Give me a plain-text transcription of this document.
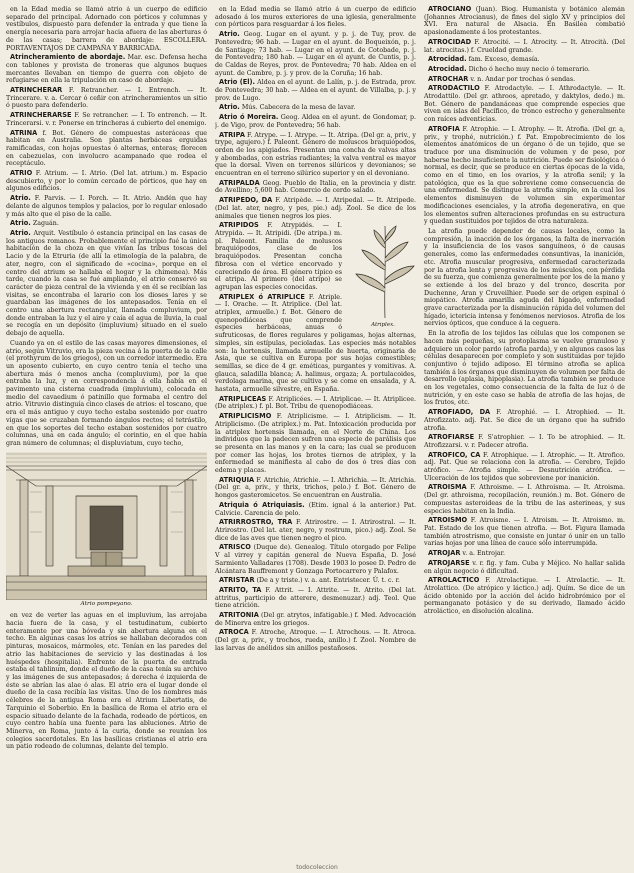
en la Edad media se llamó atrio á un cuerpo de edificio separado del principal. Adornado con pórticos y columnas y vestíbulos, dispuesto para defender la entrada y que tiene la energía necesaria para arrojar hacia afuera de las aberturas ó de las casas; barrera de abordaje: ESCOLLERA. PORTAVENTAJOS DE CAMPAÑA Y BARRICADA.

Atrincheramiento de abordaje. Mar. esc. Defensa hecha con tablones y provista de troneras que algunos buques mercantes llevaban en tiempo de guerra con objeto de refugiarse en ella la tripulación en caso de abordaje.

ATRINCHERAR F. Retrancher. — I. Entrench. — It. Trincerare. v. a. Cercar ó ceñir con atrincheramientos un sitio ó puesto para defenderlo.

ATRINCHERARSE F. Se retrancher. — I. To entrench. — It. Trincerarsi. v. r. Ponerse en trincheras á cubierto del enemigo.

ATRINA f. Bot. Género de compuestas asteráceas que habitan en Australia. Son plantas herbáceas erguidas ramificadas, con hojas opuestas ó alternas, enteras; florecen en cabezuelas, con involucro acampanado que rodea el receptáculo.

ATRIO F. Atrium. — I. Atrio. (Del lat. atrium.) m. Espacio descubierto, y por lo común cercado de pórticos, que hay en algunos edificios.

Atrio. F. Parvis. — I. Porch. — It. Atrio. Andén que hay delante de algunos templos y palacios, por lo regular enlosado y más alto que el piso de la calle.

Atrio. Zaguán.

Atrio. Arquit. Vestíbulo ó estancia principal en las casas de los antiguos romanos. Probablemente el principio fué la única habitación de la choza en que vivían las tribus toscas del Lacio y de la Etruria (de allí la etimología de la palabra, de ater, negro, con el significado de «cocina», porque en el centro del atrium se hallaba el hogar y la chimenea). Más tarde, cuando la casa se fué ampliando, el atrio conservó su carácter de pieza central de la vivienda y en él se recibían las visitas, se encontraba el larario con los dioses lares y se guardaban las imágenes de los antepasados. Tenía en el centro una abertura rectangular, llamada compluvium, por donde entraban la luz y el aire y caía el agua de lluvia, la cual se recogía en un depósito (impluvium) situado en el suelo debajo de aquella.

Cuando ya en el estilo de las casas mayores dimensiones, el atrio, según Vitruvio, era la pieza vecina á la puerta de la calle (el prothyrum de los griegos), con un corredor intermedio. Era un aposento cubierto, en cuyo centro tenía el techo una abertura más ó menos ancha (compluvium), por la que entraba la luz, y en correspondencia á ella había en el pavimento una cisterna cuadrada (impluvium), colocada en medio del cavaedium ó patinillo que formaba el centro del atrio. Vitruvio distinguía cinco clases de atrios: el toscano, que era el más antiguo y cuyo techo estaba sostenido por cuatro vigas que se cruzaban formando ángulos rectos; el tetrástilo, en que los soportes del techo estaban sostenidos por cuatro columnas, una en cada ángulo; el corintio, en el que había gran número de columnas; el displuviatum, cuyo techo,

Atrio pompeyano.

en vez de verter las aguas en el impluvium, las arrojaba hacia fuera de la casa, y el testudinatum, cubierto enteramente por una bóveda y sin abertura alguna en el techo. En algunas casas los atrios se hallaban decorados con pinturas, mosaicos, mármoles, etc. Tenían en las paredes del atrio las habitaciones de servicio y las destinadas á los huéspedes (hospitalia). Enfrente de la puerta de entrada estaba el tablinum, donde el dueño de la casa tenía su archivo y las imágenes de sus antepasados; á derecha é izquierda de éste se abrían las alae ó alas. El atrio era el lugar donde el dueño de la casa recibía las visitas. Uno de los nombres más célebres de la antigua Roma era el Atrium Libertatis, de Tarquinio el Soberbio. En la basílica de Roma el atrio era el espacio situado delante de la fachada, rodeado de pórticos, en cuyo centro había una fuente para las abluciones. Atrio de Minerva, en Roma, junto á la curia, donde se reunían los colegios sacerdotales. En las basílicas cristianas el atrio era un patio rodeado de columnas, delante del templo.

en la Edad media se llamó atrio á un cuerpo de edificio adosado á los muros exteriores de una iglesia, generalmente con pórticos para resguardar á los fieles.

Atrio. Geog. Lugar en el ayunt. y p. j. de Tuy, prov. de Pontevedra; 96 hab. — Lugar en el ayunt. de Boqueixón, p. j. de Santiago; 73 hab. — Lugar en el ayunt. de Cotobade, p. j. de Pontevedra; 180 hab. — Lugar en el ayunt. de Cuntis, p. j. de Caldas de Reyes, prov. de Pontevedra; 70 hab. Aldea en el ayunt. de Cambre, p. j. y prov. de la Coruña; 16 hab.

Atrio (El). Aldea en el ayunt. de Lalín, p. j. de Estrada, prov. de Pontevedra; 30 hab. — Aldea en el ayunt. de Villalba, p. j. y prov. de Lugo.

Atrio. Mús. Cabecera de la mesa de lavar.

Atrio ó Moreira. Geog. Aldea en el ayunt. de Gondomar, p. j. de Vigo, prov. de Pontevedra; 56 hab.

ATRIPA F. Atrype. — I. Atrype. — It. Atripa. (Del gr. a, priv., y trype, agujero.) f. Paleont. Género de moluscos braquiópodos, orden de los apigiados. Presentan una concha de valvas altas y abombadas, con estrías radiantes; la valva ventral es mayor que la dorsal. Viven en terrenos silúricos y devonianos; se encuentran en el terreno silúrico superior y en el devoniano.

ATRIPALDA Geog. Pueblo de Italia, en la provincia y distr. de Avellino; 5,600 hab. Comercio de cerdo salado.

ATRIPEDO, DA F. Atripède. — I. Atripedal. — It. Atripede. (Del lat. ater, negro, y pes, pie.) adj. Zool. Se dice de los animales que tienen negros los pies.

Atriplex.
ATRIPIDOS F. Atrypidés. — I. Atrypida. — It. Atripidi. (De atripa.) m. pl. Paleont. Familia de moluscos braquiópodos, clase de los braquiópodos. Presentan concha fibrosa con el vértice encorvado y careciendo de área. El género típico es el atripa. Al primero (del atripo) se agrupan las especies conocidas.

ATRIPLEX ó ATRIPLICE F. Atriple. — I. Orache. — It. Atriplice. (Del lat. atriplex, armuelle.) f. Bot. Género de quenopodiáceas que comprende especies herbáceas, anuas ó sufruticosas, de flores regulares y poligamas, hojas alternas, simples, sin estípulas, pecioladas. Las especies más notables son: la hortensis, llamada armuelle de huerta, originaria de Asia, que se cultiva en Europa por sus hojas comestibles; semillas, se dice de 4 gr. eméticas, purgantes y vomitivas. A. glauca, saladilla blanca; A. halimus, orgaza; A. portulacoides, verdolaga marina, que se cultiva y se come en ensalada, y A. hastata, armuelle silvestre, en España.

ATRIPLICEAS F. Atriplicées. — I. Atriplicae. — It. Atriplicee. (De atriplex.) f. pl. Bot. Tribu de quenopodiáceas.

ATRIPLICISMO F. Atriplicisme. — I. Atriplicism. — It. Atriplicismo. (De atriplex.) m. Pat. Intoxicación producida por la atriplex hortensis llamada, en el Norte de China. Los individuos que la padecen sufren una especie de parálisis que se presenta en las manos y en la cara; las cual se producen por comer las hojas, los brotes tiernos de atriplex, y la enfermedad se manifiesta al cabo de dos ó tres días con edema y placas.

ATRIQUIA F. Atrichie, Atrichie. — I. Athrichia. — It. Atrichia. (Del gr. a, priv., y thrix, trichos, pelo.) f. Bot. Género de hongos gasteromicetos. Se encuentran en Australia.

Atriquia ó Atriquiasis. (Etim. ignal á la anterior.) Pat. Calvicie. Carencia de pelo.

ATRIRROSTRO, TRA F. Atrirostre. — I. Atrirostral. — It. Atrirostro. (Del lat. ater, negro, y rostrum, pico.) adj. Zool. Se dice de las aves que tienen negro el pico.

ATRISCO (Duque de). Genealog. Título otorgado por Felipe V al virrey y capitán general de Nueva España, D. José Sarmiento Valladares (1708). Desde 1903 lo posee D. Pedro de Alcántara Bauffremont y Gonzaga Portocarrero y Palafox.

ATRISTAR (De a y triste.) v. a. ant. Entristecer. Ú. t. c. r.

ATRITO, TA F. Attrit. — I. Attrite. — It. Atrito. (Del lat. attritus, participio de atterere, desmenuzar.) adj. Teol. Que tiene atrición.

ATRITONIA (Del gr. atrytos, infatigable.) f. Med. Advocación de Minerva entre los griegos.

ATROCA F. Atroche, Atroque. — I. Atrochous. — It. Atroca. (Del gr. a, priv., y trochos, rueda, anillo.) f. Zool. Nombre de las larvas de anélidos sin anillos pestañosos.

ATROCIANO (Juan). Biog. Humanista y botánico alemán (Johannes Atrocianus), de fines del siglo XV y principios del XVI. Era natural de Alsacia. En Basilea combatió apasionadamente á los protestantes.

ATROCIDAD F. Atrocité. — I. Atrocity. — It. Atrocità. (Del lat. atrocitas.) f. Crueldad grande.

Atrocidad. fam. Exceso, demasía.

Atrocidad. Dicho ó hecho muy necio ó temerario.

ATROCHAR v. n. Andar por trochas ó sendas.

ATRODACTILO F. Atrodactyle. — I. Athrodactyle. — It. Atrodattilo. (Del gr. athroos, apretado, y daktylos, dedo.) m. Bot. Género de pandanáceas que comprende especies que viven en islas del Pacífico, de tronco estrecho y generalmente con raíces adventicias.

ATROFIA F. Atrophie. — I. Atrophy. — It. Atrofia. (Del gr. a, priv., y trophé, nutrición.) f. Pat. Empobrecimiento de los elementos anatómicos de un órgano ó de un tejido, que se traduce por una disminución de volumen y de peso, por haberse hecho insuficiente la nutrición. Puede ser fisiológica ó normal, es decir, que se produce en ciertas épocas de la vida, como en el timo, en los ovarios, y la atrofia senil; y la patológica, que es la que sobreviene como consecuencia de una enfermedad. Se distingue la atrofia simple, en la cual los elementos disminuyen de volumen sin experimentar modificaciones esenciales, y la atrofia degenerativa, en que los elementos sufren alteraciones profundas en su estructura y quedan sustituidos por tejidos de otra naturaleza.

La atrofia puede depender de causas locales, como la compresión, la inacción de los órganos, la falta de inervación y la insuficiencia de los vasos sanguíneos, ó de causas generales, como las enfermedades consuntivas, la inanición, etc. Atrofia muscular progresiva, enfermedad caracterizada por la atrofia lenta y progresiva de los músculos, con pérdida de su fuerza, que comienza generalmente por los de la mano y se extiende á los del brazo y del tronco, descrita por Duchenne, Aran y Cruveilhier. Puede ser de origen espinal ó miopático. Atrofia amarilla aguda del hígado, enfermedad grave caracterizada por la disminución rápida del volumen del hígado, ictericia intensa y fenómenos nerviosos. Atrofia de los nervios ópticos, que conduce á la ceguera.

En la atrofia de los tejidos las células que los componen se hacen más pequeñas, su protoplasma se vuelve granuloso y adquiere un color pardo (atrofia parda), y en algunos casos las células desaparecen por completo y son sustituidas por tejido conjuntivo ó tejido adiposo. El término atrofia se aplica también á los órganos que disminuyen de volumen por falta de desarrollo (aplasia, hipoplasia). La atrofia también se produce en los vegetales, como consecuencia de la falta de luz ó de nutrición, y en este caso se habla de atrofia de las hojas, de los frutos, etc.

ATROFIADO, DA F. Atrophié. — I. Atrophied. — It. Atrofizzato. adj. Pat. Se dice de un órgano que ha sufrido atrofia.

ATROFIARSE F. S'atrophier. — I. To be atrophied. — It. Atrofizzarsi. v. r. Padecer atrofia.

ATROFICO, CA F. Atrophique. — I. Atrophic. — It. Atrofico. adj. Pat. Que se relaciona con la atrofia. — Cerebro, Tejido atrófico. — Atrofia simple. — Desnutrición atrófica. — Ulceración de los tejidos que sobreviene por inanición.

ATROISMA F. Athroisme. — I. Athroisma. — It. Atroisma. (Del gr. athroisma, recopilación, reunión.) m. Bot. Género de compuestas asteroideas de la tribu de las asterineas, y sus especies habitan en la India.

ATROISMO F. Atroisme. — I. Atroism. — It. Atroismo. m. Pat. Estado de los que tienen atrofia. — Bot. Figura llamada también atrostrismo, que consiste en juntar ó unir en un tallo varias hojas por una línea de cauce sólo interrumpida.

ATROJAR v. a. Entrojar.

ATROJARSE v. r. fig. y fam. Cuba y Méjico. No hallar salida en algún negocio ó dificultad.

ATROLACTICO F. Atrolactique. — I. Atrolactic. — It. Atrolattico. (De atrópico y láctico.) adj. Quím. Se dice de un ácido obtenido por la acción del ácido hidrobrómico por el permanganato potásico y de su derivado, llamado ácido atroláctico, en disolución alcalina.

todocoleccion
